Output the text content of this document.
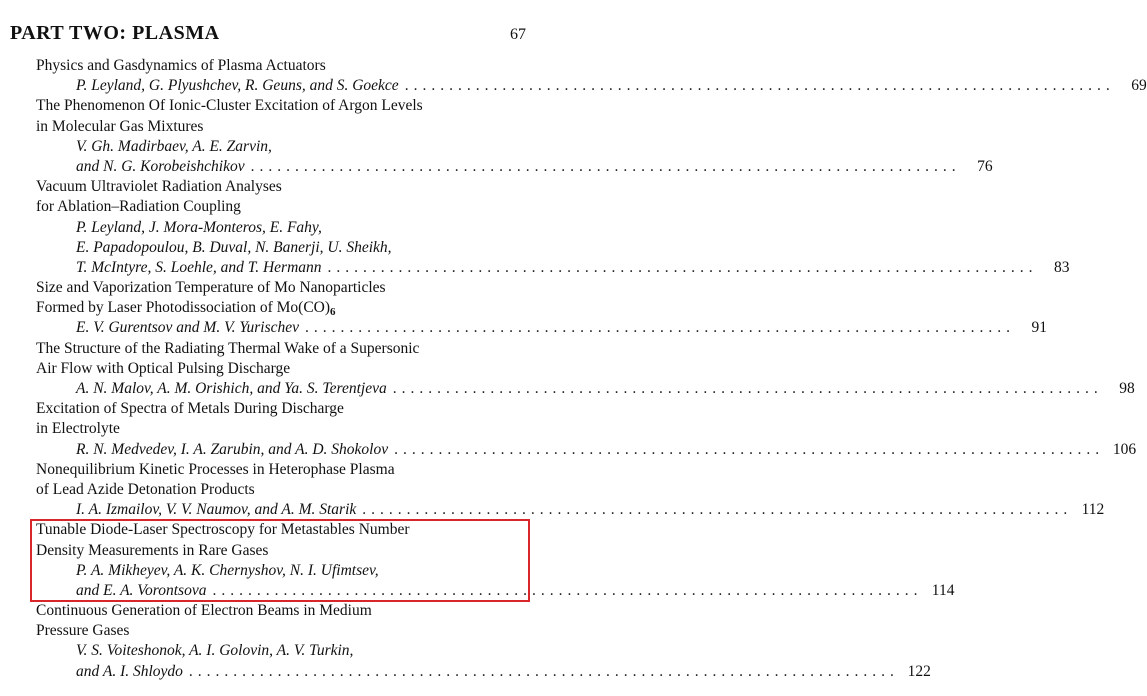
PART TWO: PLASMA	67
Physics and Gasdynamics of Plasma Actuators
P. Leyland, G. Plyushchev, R. Geuns, and S. Goekce ................................................................................	69
The Phenomenon Of Ionic-Cluster Excitation of Argon Levels
in Molecular Gas Mixtures
V. Gh. Madirbaev, A. E. Zarvin,
and N. G. Korobeishchikov ................................................................................	76
Vacuum Ultraviolet Radiation Analyses
for Ablation–Radiation Coupling
P. Leyland, J. Mora-Monteros, E. Fahy,
E. Papadopoulou, B. Duval, N. Banerji, U. Sheikh,
T. McIntyre, S. Loehle, and T. Hermann ................................................................................	83
Size and Vaporization Temperature of Mo Nanoparticles
Formed by Laser Photodissociation of $Mo(CO)_6$
E. V. Gurentsov and M. V. Yurischev ................................................................................	91
The Structure of the Radiating Thermal Wake of a Supersonic
Air Flow with Optical Pulsing Discharge
A. N. Malov, A. M. Orishich, and Ya. S. Terentjeva ................................................................................	98
Excitation of Spectra of Metals During Discharge
in Electrolyte
R. N. Medvedev, I. A. Zarubin, and A. D. Shokolov ................................................................................ 106
Nonequilibrium Kinetic Processes in Heterophase Plasma
of Lead Azide Detonation Products
I. A. Izmailov, V. V. Naumov, and A. M. Starik ................................................................................ 112
Tunable Diode-Laser Spectroscopy for Metastables Number
Density Measurements in Rare Gases
P. A. Mikheyev, A. K. Chernyshov, N. I. Ufimtsev,
and E. A. Vorontsova ................................................................................ 114
Continuous Generation of Electron Beams in Medium
Pressure Gases
V. S. Voiteshonok, A. I. Golovin, A. V. Turkin,
and A. I. Shloydo ................................................................................ 122
